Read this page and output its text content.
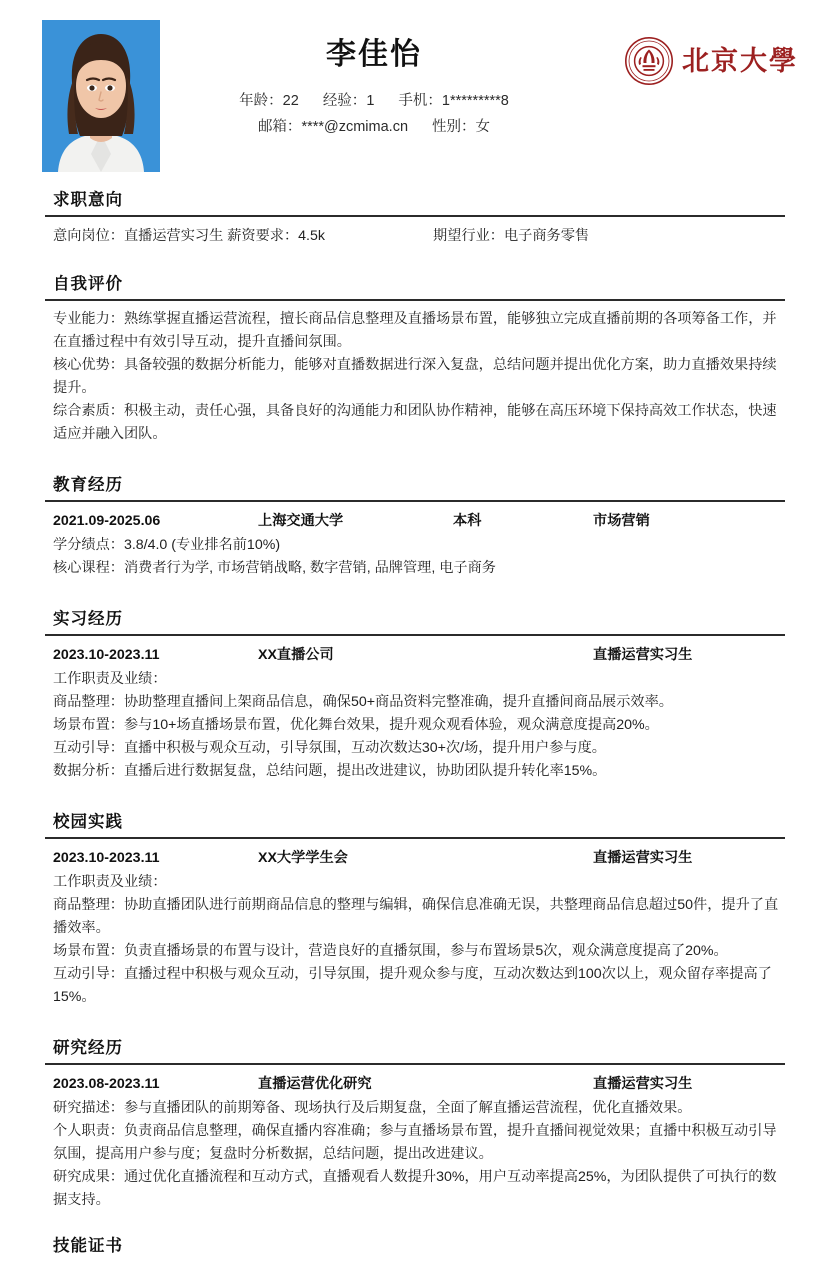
李佳怡
年龄：22 经验：1 手机：1*********8
邮箱：****@zcmima.cn 性别：女
北京大學
求职意向
意向岗位：直播运营实习生 薪资要求：4.5k	期望行业：电子商务零售
自我评价
专业能力：熟练掌握直播运营流程，擅长商品信息整理及直播场景布置，能够独立完成直播前期的各项筹备工作，并在直播过程中有效引导互动，提升直播间氛围。
核心优势：具备较强的数据分析能力，能够对直播数据进行深入复盘，总结问题并提出优化方案，助力直播效果持续提升。
综合素质：积极主动，责任心强，具备良好的沟通能力和团队协作精神，能够在高压环境下保持高效工作状态，快速适应并融入团队。
教育经历
2021.09-2025.06	上海交通大学	本科	市场营销
学分绩点：3.8/4.0 (专业排名前10%)
核心课程：消费者行为学, 市场营销战略, 数字营销, 品牌管理, 电子商务
实习经历
2023.10-2023.11	XX直播公司	直播运营实习生
工作职责及业绩：
商品整理：协助整理直播间上架商品信息，确保50+商品资料完整准确，提升直播间商品展示效率。
场景布置：参与10+场直播场景布置，优化舞台效果，提升观众观看体验，观众满意度提高20%。
互动引导：直播中积极与观众互动，引导氛围，互动次数达30+次/场，提升用户参与度。
数据分析：直播后进行数据复盘，总结问题，提出改进建议，协助团队提升转化率15%。
校园实践
2023.10-2023.11	XX大学学生会	直播运营实习生
工作职责及业绩：
商品整理：协助直播团队进行前期商品信息的整理与编辑，确保信息准确无误，共整理商品信息超过50件，提升了直播效率。
场景布置：负责直播场景的布置与设计，营造良好的直播氛围，参与布置场景5次，观众满意度提高了20%。
互动引导：直播过程中积极与观众互动，引导氛围，提升观众参与度，互动次数达到100次以上，观众留存率提高了15%。
研究经历
2023.08-2023.11	直播运营优化研究	直播运营实习生
研究描述：参与直播团队的前期筹备、现场执行及后期复盘，全面了解直播运营流程，优化直播效果。
个人职责：负责商品信息整理，确保直播内容准确；参与直播场景布置，提升直播间视觉效果；直播中积极互动引导氛围，提高用户参与度；复盘时分析数据，总结问题，提出改进建议。
研究成果：通过优化直播流程和互动方式，直播观看人数提升30%，用户互动率提高25%，为团队提供了可执行的数据支持。
技能证书
